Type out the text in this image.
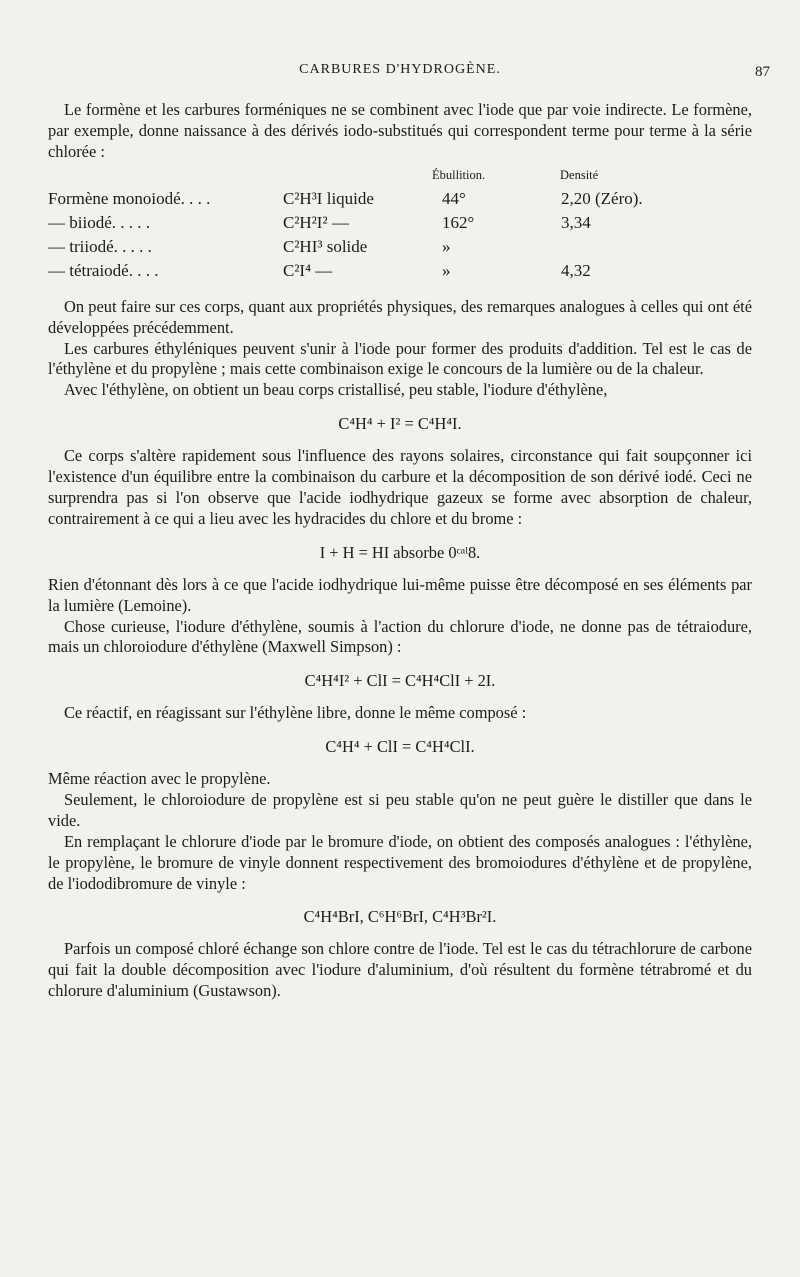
CARBURES D'HYDROGÈNE.	87

Le formène et les carbures forméniques ne se combinent avec l'iode que par voie indirecte. Le formène, par exemple, donne naissance à des dérivés iodo-substitués qui correspondent terme pour terme à la série chlorée :

Ébullition.	Densité
Formène monoiodé. . . .	C²H³I liquide	44°	2,20 (Zéro).
— biiodé. . . . .	C²H²I² —	162°	3,34
— triiodé. . . . .	C²HI³ solide	»
— tétraiodé. . . .	C²I⁴ —	»	4,32

On peut faire sur ces corps, quant aux propriétés physiques, des remarques analogues à celles qui ont été développées précédemment.

Les carbures éthyléniques peuvent s'unir à l'iode pour former des produits d'addition. Tel est le cas de l'éthylène et du propylène ; mais cette combinaison exige le concours de la lumière ou de la chaleur.

Avec l'éthylène, on obtient un beau corps cristallisé, peu stable, l'iodure d'éthylène,

C⁴H⁴ + I² = C⁴H⁴I.

Ce corps s'altère rapidement sous l'influence des rayons solaires, circonstance qui fait soupçonner ici l'existence d'un équilibre entre la combinaison du carbure et la décomposition de son dérivé iodé. Ceci ne surprendra pas si l'on observe que l'acide iodhydrique gazeux se forme avec absorption de chaleur, contrairement à ce qui a lieu avec les hydracides du chlore et du brome :

I + H = HI absorbe 0ᶜᵃˡ8.

Rien d'étonnant dès lors à ce que l'acide iodhydrique lui-même puisse être décomposé en ses éléments par la lumière (Lemoine).

Chose curieuse, l'iodure d'éthylène, soumis à l'action du chlorure d'iode, ne donne pas de tétraiodure, mais un chloroiodure d'éthylène (Maxwell Simpson) :

C⁴H⁴I² + ClI = C⁴H⁴ClI + 2I.

Ce réactif, en réagissant sur l'éthylène libre, donne le même composé :

C⁴H⁴ + ClI = C⁴H⁴ClI.

Même réaction avec le propylène.

Seulement, le chloroiodure de propylène est si peu stable qu'on ne peut guère le distiller que dans le vide.

En remplaçant le chlorure d'iode par le bromure d'iode, on obtient des composés analogues : l'éthylène, le propylène, le bromure de vinyle donnent respectivement des bromoiodures d'éthylène et de propylène, de l'iododibromure de vinyle :

C⁴H⁴BrI, C⁶H⁶BrI, C⁴H³Br²I.

Parfois un composé chloré échange son chlore contre de l'iode. Tel est le cas du tétrachlorure de carbone qui fait la double décomposition avec l'iodure d'aluminium, d'où résultent du formène tétrabromé et du chlorure d'aluminium (Gustawson).
